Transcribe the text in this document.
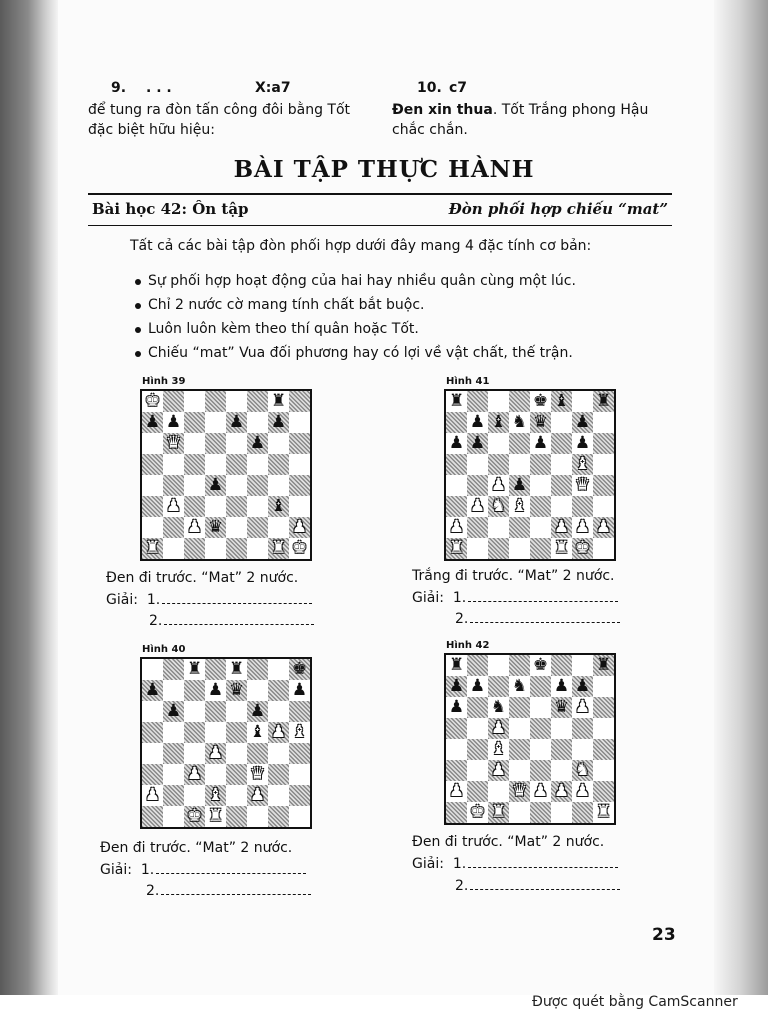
9. . . .	X:a7
để tung ra đòn tấn công đôi bằng Tốt
đặc biệt hữu hiệu:
10. c7
Đen xin thua. Tốt Trắng phong Hậu
chắc chắn.
BÀI TẬP THỰC HÀNH
Bài học 42: Ôn tập	Đòn phối hợp chiếu “mat”
Tất cả các bài tập đòn phối hợp dưới đây mang 4 đặc tính cơ bản:
Sự phối hợp hoạt động của hai hay nhiều quân cùng một lúc.
Chỉ 2 nước cờ mang tính chất bắt buộc.
Luôn luôn kèm theo thí quân hoặc Tốt.
Chiếu “mat” Vua đối phương hay có lợi về vật chất, thế trận.
Hình 39
♚	♜
♟ ♟	♟ ♟
♛	♟
♟
♟	♝
♟ ♛	♟
♜	♜ ♚
Đen đi trước. “Mat” 2 nước.
Giải: 1.
2.
Hình 41
♜	♚ ♝ ♜
♟ ♝ ♞ ♛ ♟
♟ ♟	♟ ♟
♝
♟ ♟	♛
♟ ♞ ♝
♟	♟ ♟ ♟
♜	♜ ♚
Trắng đi trước. “Mat” 2 nước.
Giải: 1.
2.
Hình 40
♜ ♜	♚
♟	♟ ♛	♟
♟	♟
♝ ♟ ♝
♟
♟	♛
♟	♝ ♟
♚ ♜
Đen đi trước. “Mat” 2 nước.
Giải: 1.
2.
Hình 42
♜	♚	♜
♟ ♟ ♞ ♟ ♟
♟ ♞	♛ ♟
♟
♝
♟	♞
♟	♛ ♟ ♟ ♟
♚ ♜	♜
Đen đi trước. “Mat” 2 nước.
Giải: 1.
2.
23
Được quét bằng CamScanner
